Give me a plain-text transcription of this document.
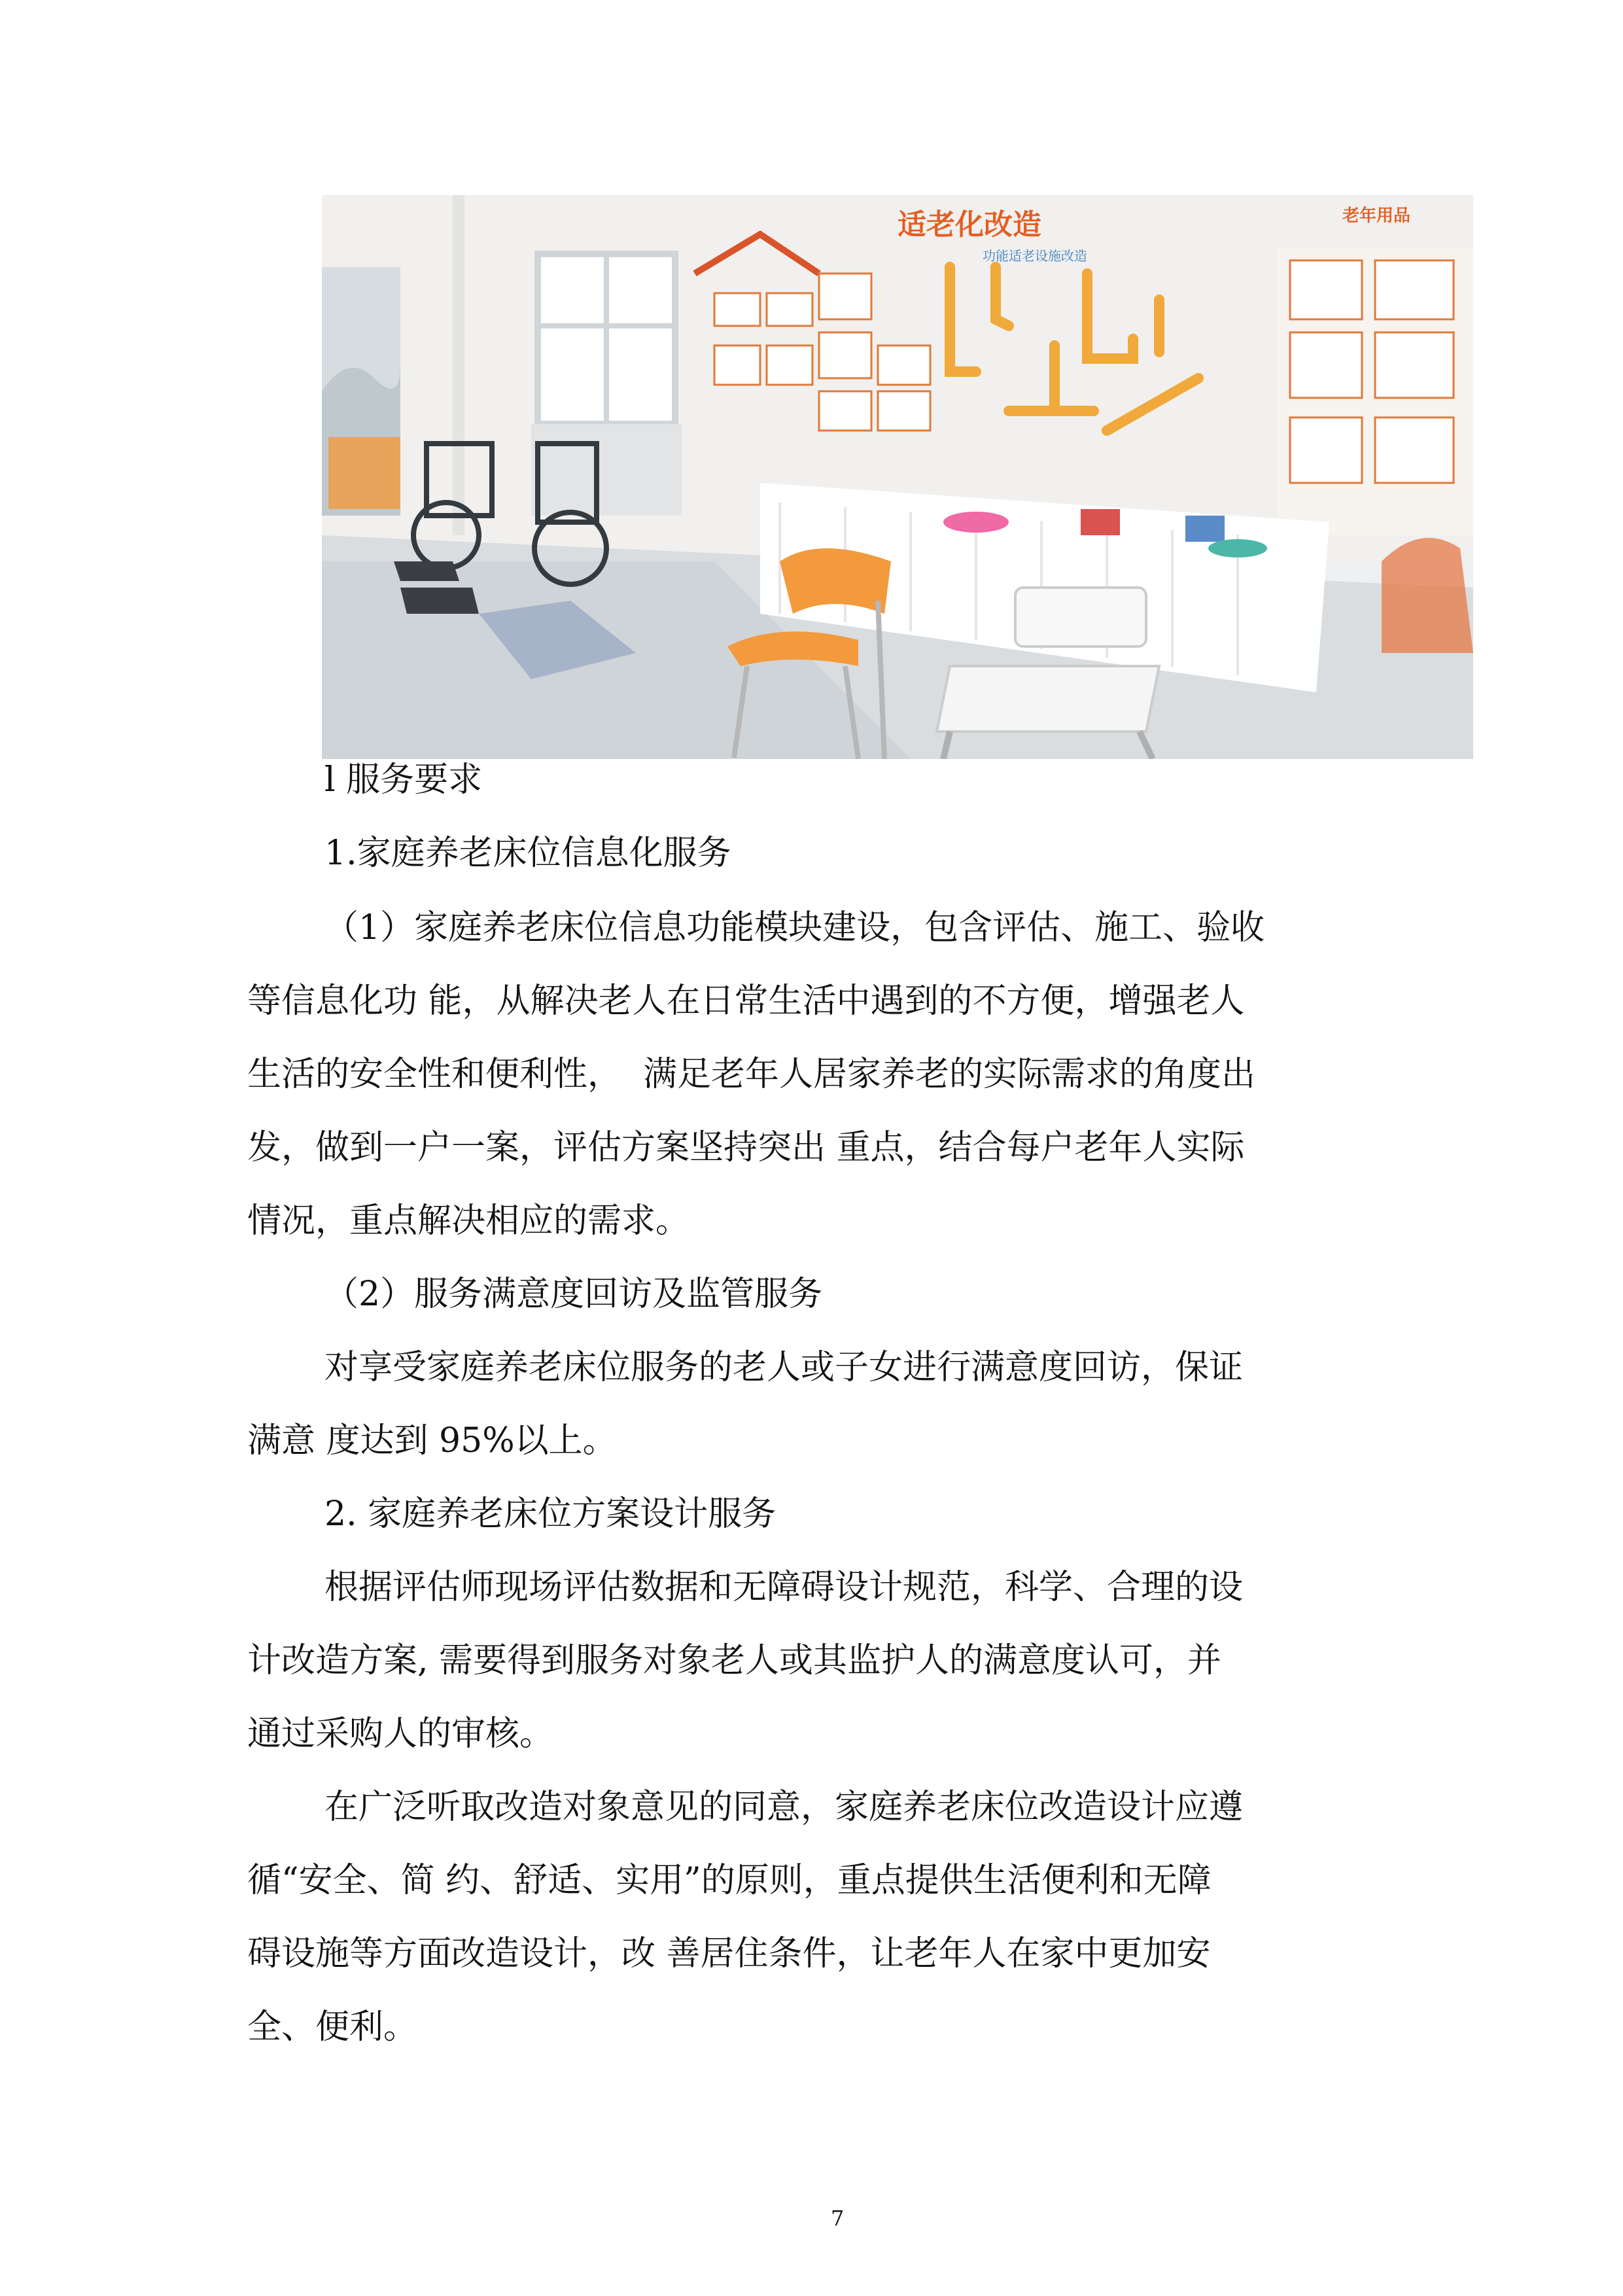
适老化改造
功能适老设施改造
老年用品
l 服务要求
1.家庭养老床位信息化服务
（1）家庭养老床位信息功能模块建设，包含评估、施工、验收
等信息化功 能，从解决老人在日常生活中遇到的不方便，增强老人
生活的安全性和便利性，  满足老年人居家养老的实际需求的角度出
发，做到一户一案，评估方案坚持突出 重点，结合每户老年人实际
情况，重点解决相应的需求。
（2）服务满意度回访及监管服务
对享受家庭养老床位服务的老人或子女进行满意度回访，保证
满意 度达到 95%以上。
2. 家庭养老床位方案设计服务
根据评估师现场评估数据和无障碍设计规范，科学、合理的设
计改造方案, 需要得到服务对象老人或其监护人的满意度认可，并
通过采购人的审核。
在广泛听取改造对象意见的同意，家庭养老床位改造设计应遵
循“安全、简 约、舒适、实用”的原则，重点提供生活便利和无障
碍设施等方面改造设计，改 善居住条件，让老年人在家中更加安
全、便利。
7
